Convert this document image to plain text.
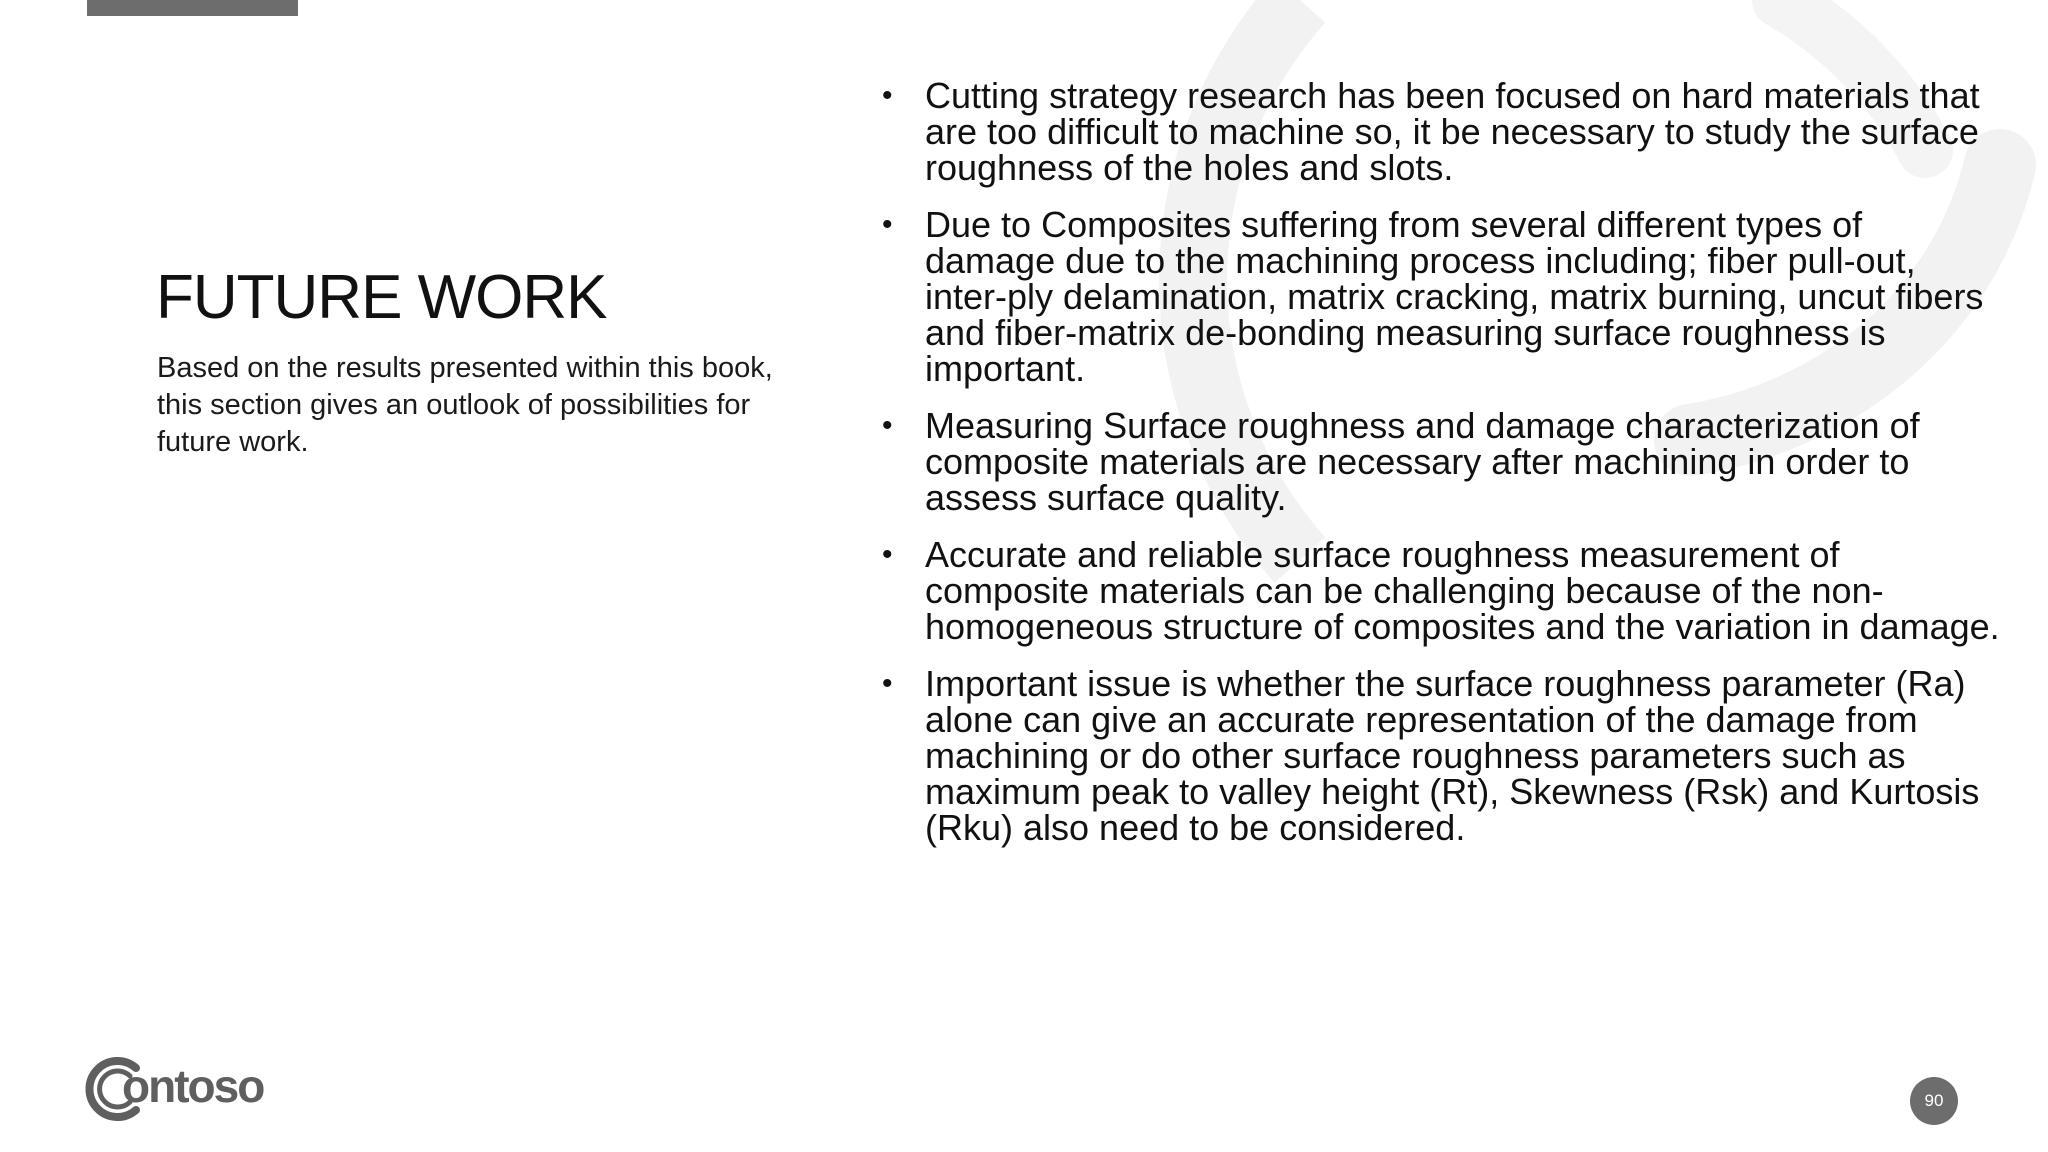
FUTURE WORK

Based on the results presented within this book, this section gives an outlook of possibilities for future work.

• Cutting strategy research has been focused on hard materials that are too difficult to machine so, it be necessary to study the surface roughness of the holes and slots.
• Due to Composites suffering from several different types of damage due to the machining process including; fiber pull-out, inter-ply delamination, matrix cracking, matrix burning, uncut fibers and fiber-matrix de-bonding measuring surface roughness is important.
• Measuring Surface roughness and damage characterization of composite materials are necessary after machining in order to assess surface quality.
• Accurate and reliable surface roughness measurement of composite materials can be challenging because of the non-homogeneous structure of composites and the variation in damage.
• Important issue is whether the surface roughness parameter (Ra) alone can give an accurate representation of the damage from machining or do other surface roughness parameters such as maximum peak to valley height (Rt), Skewness (Rsk) and Kurtosis (Rku) also need to be considered.
ontoso	90
